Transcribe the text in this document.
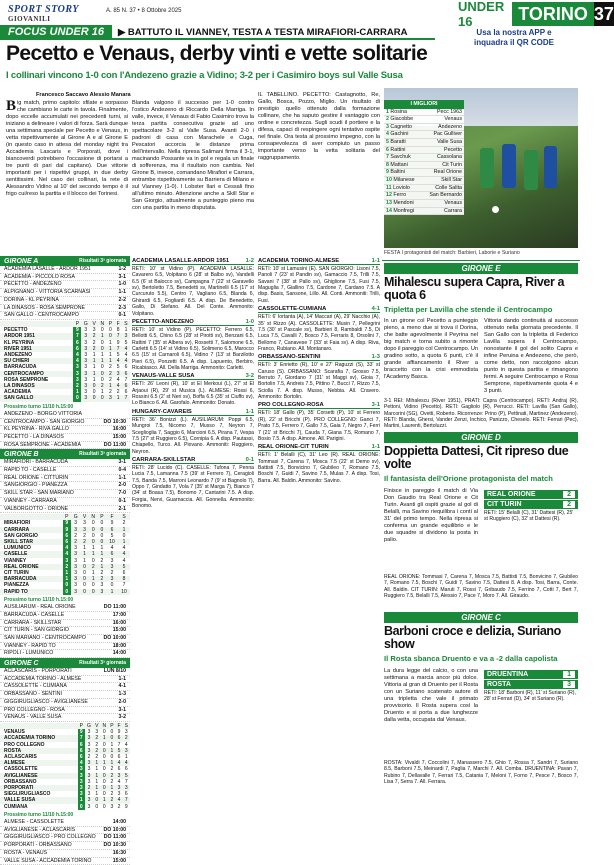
SPORT STORY
GIOVANILI
A. 85 N. 37 • 8 Ottobre 2025	UNDER 16	TORINO 37
FOCUS UNDER 16	▶ BATTUTO IL VIANNEY, TESTA A TESTA MIRAFIORI-CARRARA	Usa la nostra APP e
inquadra il QR CODE
Pecetto e Venaus, derby vinti e vette solitarie
I collinari vincono 1-0 con l'Andezeno grazie a Vidino; 3-2 per i Casimiro boys sul Valle Susa
Francesco Saccavo Alessio Manara
Big match, primo capitolo: sfilate e sorpasso che cambiano le carte in tavola. Finalmente, dopo eccelle accumulati nei precedenti turni, si iniziano a delineare i valori di forza. Sarà dunque una settimana speciale per Pecetto e Venaus, in vetta rispettivamente al Girone A e al Girone E (in questo caso in attesa del monday night tra Accademia Lascaris e Porporati, dove i biancoverdi potrebbero l'occasione di portarsi a tre punti di pari dal capitano). Due vittorie importanti per i rispettivi gruppi, in due derby sentitissimi. Nel caso dei collinari, la rete di Alessandro Vidino al 10' del secondo tempo è il frigo cui/reso la partita e il blocco dei Torinesi.
Blanda valgono il successo per 1-0 contro l'ostico Andezeno di Riccardo Della Marriga. In valle, invece, il Venaus di Fabio Casimiro trova la terza partita consecutiva grazie ad uno spettacolare 3-2 al Valle Susa. Avanti 2-0 i padroni di casa con Marachele e Cuga, Pescatori accorcia le distanze prima dell'intervallo. Nella ripresa Salimani firma il 3-1, macinando Possante va in gol e regala un finale di sofferenza, ma il risultato non cambia. Nel Girone B, invece, comandano Mirafiori e Carrara, entrambe rispettivamente su Barriera di Milano e sul Vianney (1-0). I Lobster Ilari e Cessali fino all'ultimo minuto. Attenzione anche a Skill Star e San Giorgio, attualmente a punteggio pieno ma con una partita in meno disputata.
IL TABELLINO. PECETTO: Castagnotto, Re, Gallo, Bosca, Pozzo, Miglio. Un risultato di prestigio quello ottenuto dalla formazione collinare, che ha saputo gestire il vantaggio con ordine e concretezza. Sugli scudi il portiere e la difesa, capaci di respingere ogni tentativo ospite nel finale. Ora testa al prossimo impegno, con la consapevolezza di aver compiuto un passo importante verso la vetta solitaria del raggruppamento.
I MIGLIORI
1 Rosina	Pecc 1963
2 Giacobbe	Venaus
3 Cagnetto	Andezeno
4 Gachini	Pac Gulliver
5 Baratti	Valle Susa
6 Rattini	Pecetto
7 Savchuk	Cassolana
8 Mattani	Cit Turin
9 Baltini	Real Orione
10 Milanese	Skill Star
11 Loviolo	Colle Salita
12 Ferro	San Bernardo
13 Mendoni	Venaus
14 Monfregi	Carrara
FESTA I protagonisti del match: Barbieri, Laborie e Suriano
GIRONE A	Risultati 3ª giornata
ACADEMIA LASALLE - ARDOR 1951	1-2
ACADEMIA - PICCOLO ROSA	3-1
PECETTO - ANDEZENO	1-0
ALPIGNANO - VITTORIA SCARNASI	1-1
DORINA - KL PEYRINA	2-2
LA DINASOS - ROSA SEMPRONE	2-3
SAN GALLO - CENTROCAMPO	0-1
	P	G	V	N	P	F	S
PECETTO	9	3	3	0	0	8	1
ARDOR 1951	7	3	2	1	0	7	3
KL PEYRINA	6	3	2	0	1	9	5
RIVER 1951	6	3	2	0	1	7	4
ANDEZENO	4	3	1	1	1	5	4
SU CHIERI	4	3	1	1	1	4	4
BARRACUDA	3	3	1	0	2	5	6
CENTROCAMPO	3	3	1	0	2	3	6
ROSA SEMPRONE	3	3	1	0	2	4	7
LA DINASOS	2	3	0	2	1	4	6
ACADEMIA	1	3	0	1	2	2	6
SAN GALLO	0	3	0	0	3	1	7
Prossimo turno 11/10 h.15:00
ANDEZENO - BORGO VITTORIA
CENTROCAMPO - SAN GIORGIO	DO 10:30
KL PEYRINA - RIVA GALLO	16:00
PECETTO - LA DINASOS	15:00
ROSA SEMPRONE - ACADEMIA	DO 11:00
GIRONE B	Risultati 3ª giornata
MIRAFIORI - BARRACUDA	3-1
RAPID TO - CASELLE	0-4
REAL ORIONE - CITTURIN	1-1
SANGIORGIO - PIANEZZA	2-0
SKILL STAR - SAN MARIANO	7-0
VIANNEY - CARRARA	0-1
VALBORGOTTO - ORIONE	2-1
	P	G	V	N	P	F	S
MIRAFIORI	9	3	3	0	0	9	2
CARRARA	9	3	3	0	0	6	1
SAN GIORGIO	6	2	2	0	0	5	0
SKILL STAR	6	2	2	0	0	10	1
LUMUNICO	4	3	1	1	1	4	4
CASELLE	4	3	1	1	1	6	4
VIANNEY	3	3	1	0	2	3	4
REAL ORIONE	2	3	0	2	1	3	5
CIT TURIN	1	3	0	1	2	2	6
BARRACUDA	1	3	0	1	2	3	8
PIANEZZA	0	3	0	0	3	0	7
RAPID TO	0	3	0	0	3	1	10
Prossimo turno 11/10 h.15:00
AUSILIARUM - REAL ORIONE	DO 11:00
BARRACUDA - CASELLE	17:00
CARRARA - SKILLSTAR	16:00
CIT TURIN - SAN GIORGIO	15:00
SAN MARIANO - CENTROCAMPO	DO 10:00
VIANNEY - RAPID TO	18:00
RIPOLI - LUMUNICO	14:00
GIRONE C	Risultati 3ª giornata
ACLASCARIS - PORPORATI	LUN 8/10
ACCADEMIA TORINO - ALMESE	1-1
CASSOLETTE - CUMIANA	4-1
ORBASSANO - SENTINI	1-3
GIGGIRUGLIASCO - AVIGLIANESE	2-0
PRO COLLEGNO - ROSA	3-1
VENAUS - VALLE SUSA	3-2
	P	G	V	N	P	F	S
VENAUS	9	3	3	0	0	9	3
ACCADEMIA TORINO	7	3	2	1	0	6	2
PRO COLLEGNO	6	3	2	0	1	7	4
ROSTA	6	3	2	0	1	5	3
ACLASCARIS	6	2	2	0	0	6	1
ALMESE	4	3	1	1	1	4	4
CASSOLETTE	3	3	1	0	2	6	6
AVIGLIANESE	3	3	1	0	2	3	5
ORBASSANO	3	3	1	0	2	4	7
PORPORATI	3	2	1	0	1	3	3
SIEGLIRUGLIASCO	3	3	1	0	2	3	6
VALLE SUSA	1	3	0	1	2	4	7
CUMIANA	0	3	0	0	3	2	9
Prossimo turno 11/10 h.15:00
ALMESE - CASSOLETTE	14:00
AVIGLIANESE - ACLASCARIS	DO 10:00
GIGGIRUGLIASCO - PRO COLLEGNO DO 11:00
PORPORATI - ORBASSANO	DO 10:30
ROSTA - VENAUS	16:30
VALLE SUSA - ACCADEMIA TORINO	15:00
ACADEMIA LASALLE-ARDOR 1951	1-2

RETI: 10' st Vidino (P). ACADEMIA LASALLE: Cavarero 6.5, Volpitano 6 (28' st Balbo sv), Vandelli 6.5 (6' st Balocco sv), Campagna 7 (22' st Garavello sv), Bertoletto 7.5, Benedetti sv, Martinelli 6.5 (17' st Curcuruto 5.5), Centro 7, Vagliano 6.5, Blanda 6, Ghirardi 6.5, Fogliardi 6.5. A disp. De Benedetto, Gallo, Di Stefano. All. Del Conte. Ammonito: Volpitano.

PECETTO-ANDEZENO	1-0

RETI: 10' st Vidino (P). PECETTO: Ferrero 6.5, Bellotti 6.5, Chino 6.5 (28' st Pirotti sv), Benzani 6.5, Rattini 7 (35' st Albera sv), Rossetti 7, Salomone 6.5, Carletti 6.5 (14' st Vidino 6.5), Solimeno 6.5, Marocco 6.5 (15' st Carnaroli 6.5), Vidino 7 (13' st Barzilotto Pieri 6.5), Ponzetti 6.5. A disp. Lapuento, Berbiro, Ricabiasco. All. Della Marriga. Ammonito: Carletti.

VENAUS-VALLE SUSA	3-2

RETI: 26' Leoni (R), 10' st El Merkoui (L), 27' st El Arjaoui (R), 29' st Musica (L). ALMESE: Rossi 6, Rossini 6.5 (2' st Neri sv), Boffa 6.5 (35' st Ciuffo sv), Lo Bianco 6. All. Garofalo. Ammonito: Donato.

HUNGARY-CAVAREIS	1-1

RETI: 36' Bonizzi (L). AUSILIARUM: Poppi 6.5, Mungroi 7.5, Nicomo 7, Musso 7, Neyron 7, Sceglioglia 7, Saggio 6, Marcioni 6.5, Pirana 7, Vespa 7.5 (27' st Ruggiero 6.5), Cornipia 6. A disp. Pautassi, Chiapello, Turco. All. Piovano. Ammoniti: Ruggiero, Neyron.

CARRARA-SKILLSTAR	0-1

RETI: 28' Lucido (C). CASELLE: Tufona 7, Penna Lucia 7.5, Lamanna 7.5 (39' st Ferrero 7), Ceragioli 7.5, Banda 7.5, Marroni Leonardo 7 (9' st Bagnolo 7), Oppo 7, Gindatto 7, Vola 7 (35' st Marga 7), Bianco 7 (34' st Boasa 7.5), Bonomo 7, Cantarini 7.5. A disp. Forgia, Nervi, Guarnaccia. All. Gonnella. Ammonito: Bonomo.

ACADEMIA TORINO-ALMESE	1-1

RETI: 10' st Lamusini (E). SAN GIORGIO: Lisoni 7.5, Panoli 7 (23' st Pandin sv), Gamaccio 7.5, Trilli 7.5, Savani 7 (38' st Pallo sv), Ghiglione 7.5, Fusi 7.5, Maguglia 7, Giallino 7.5, Cardone 7, Cardano 7.5. A disp. Basis, Sansone, Lillo. All. Conti. Ammoniti: Trilli, Fusi.

CASSOLETTE-CUMIANA	4-1

RETI: 6' Iortanta (A), 14' Maccari (A), 29' Nacchio (A), 35' st Rizzo (A). CASSOLETTE: Musin 7, Pellegrini 7.5 (30' st Pascale sv), Barbieri 8, Rambaldi 7.5, Di Luca 7.5, Cavalli 7, Bosco 7.5, Ferraris 8, Orsolini 7, Bellomo 7, Canavese 7 (33' st Faia sv). A disp. Riva, Franco, Rubiano. All. Montanaro.

ORBASSANO-SENTINI	1-3

RETI: 3' Enrietto (R), 10' e 27' Raguzzi (S), 33' st Caruso (S). ORBASSANO: Scarafia 7, Grosso 7.5, Berruto 7, Giordano 7 (31' st Maggi sv), Gioia 7, Bortolin 7.5, Andreis 7.5, Pittino 7, Bucci 7, Rizzo 7.5, Sciolla 7. A disp. Musso, Nebbia. All. Cravero. Ammonito: Bortolin.

PRO COLLEGNO-ROSA	3-1

RETI: 18' Gallo (P), 35' Corsetti (P), 10' st Ferrero (R), 22' st Bricchi (P). PRO COLLEGNO: Ganci 7, Prato 7.5, Ferrero 7, Gallo 7.5, Gaia 7, Negro 7, Ferri 7 (21' st Bricchi 7), Cauda 7, Giana 7.5, Romano 7, Bosio 7.5. A disp. Aimone. All. Parigini.

REAL ORIONE-CIT TURIN	1-1

RETI: 1' Belalli (C), 31' Leo (R). REAL ORIONE: Tommasi 7, Carena 7, Mosca 7.5 (22' st Demo sv), Battisti 7.5, Bonvicino 7, Giubileo 7, Romano 7.5, Boschi 7, Guidi 7, Savino 7.5, Mulas 7. A disp. Tosi, Barra. All. Baldin. Ammonito: Savino.

GIRONE E
Mihalescu supera Capra, River a quota 6
Tripletta per Lavilla che stende il Centrocampo
In un girone col Pecetto a punteggio pieno, a meno due si trova il Dorina, che batte agevolmente il Peyrina nel big match e torna subito a rimonte dopo il pareggio col Centrocampo. Un gradino sotto, a quota 6 punti, c'è il grande affiancamento il River a braccetto con la crisi emmodista l'Academy Basca.
Vittoria dando continuità al successo ottenuto nella giornata precedente. Il San Gallo con la tripletta di Federico Lavilla supera il Centrocampo, nonostante il gol del solito Capra e infine Peruina e Andezeno, che però, come detto, non raccolgono alcun punto in questa partita e rimangono fermi. A seguire Centrocampo e Rosa Semprone, rispettivamente quota 4 e 3 punti.
3-1 REI: Mihalescu (River 1951), PRATI: Capra (Centrocampo). RETI: Andraj (R), Pettoni, Vidino (Pecetto). RETI: Gagliolo (R), Perrucci. RETI: Lavilla (San Gallo), Marcorini (SG), Ovetti, Roberto. Ricorrenze: Prino (P), Pettinati, Martinez (Andezeno). RETI: Blanda, Ghersi, Vander Zenzi, Inchico, Panizzo, Cheselo. RETI: Ferrari (Pec), Martini, Laurenti, Bertoluzzi.
GIRONE D
Doppietta Dattesi, Cit ripreso due volte
Il fantasista dell'Orione protagonista del match
Finisce in pareggio il match di Via Don Gaudio tra Real Orione e Cit Turin. Avanti gli ospiti grazie al gol di Belalli, ma Savino riequilibra i conti al 31' del primo tempo. Nella ripresa si conferma un grande equilibrio e le due squadre si dividono la posta in palio.
REAL ORIONE	2
CIT TURIN	2
RETI: 15' Belalli (C), 31' Dattesi (R), 25' st Ruggiero (C), 32' st Dattesi (R).
REAL ORIONE: Tommasi 7, Carena 7, Mosca 7.5, Battisti 7.5, Bonvicino 7, Giubileo 7, Romano 7.5, Boschi 7, Guidi 7, Savino 7.5, Dattesi 8. A disp. Tosi, Barra, Conte. All. Baldin. CIT TURIN: Maruti 7, Rossi 7, Gribaudo 7.5, Ferrino 7, Cotti 7, Bert 7, Ruggiero 7.5, Belalli 7.5, Alessio 7, Pace 7, Moro 7. All. Giraudo.
GIRONE C
Barboni croce e delizia, Suriano show
Il Rosta sbanca Druento e va a -2 dalla capolista
La dura legge del calcio, o con una settimana a marcia ancor più dolce. Vittoria al gran di Druento per il Rosta con un Suriano scatenato autore di una tripletta che vale il primato provvisorio. Il Rosta supera così la Druento e si porta a due lunghezze dalla vetta, occupata dal Venaus.
DRUENTINA	1
ROSTA	3
RETI: 18' Barboni (R), 11' st Suriano (R), 28' st Ferrari (D), 34' st Suriano (R).
ROSTA: Vivaldi 7, Coccolini 7, Manassero 7.5, Ghio 7, Rossa 7, Sandri 7, Suriano 8.5, Barboni 7.5, Meinardi 7, Paglia 7, Marchi 7. All. Comba. DRUENTINA: Pavan 7, Rubino 7, Dellavalle 7, Ferrari 7.5, Catania 7, Meloni 7, Forno 7, Pesce 7, Bosco 7, Lisa 7, Serra 7. All. Ferrara.
